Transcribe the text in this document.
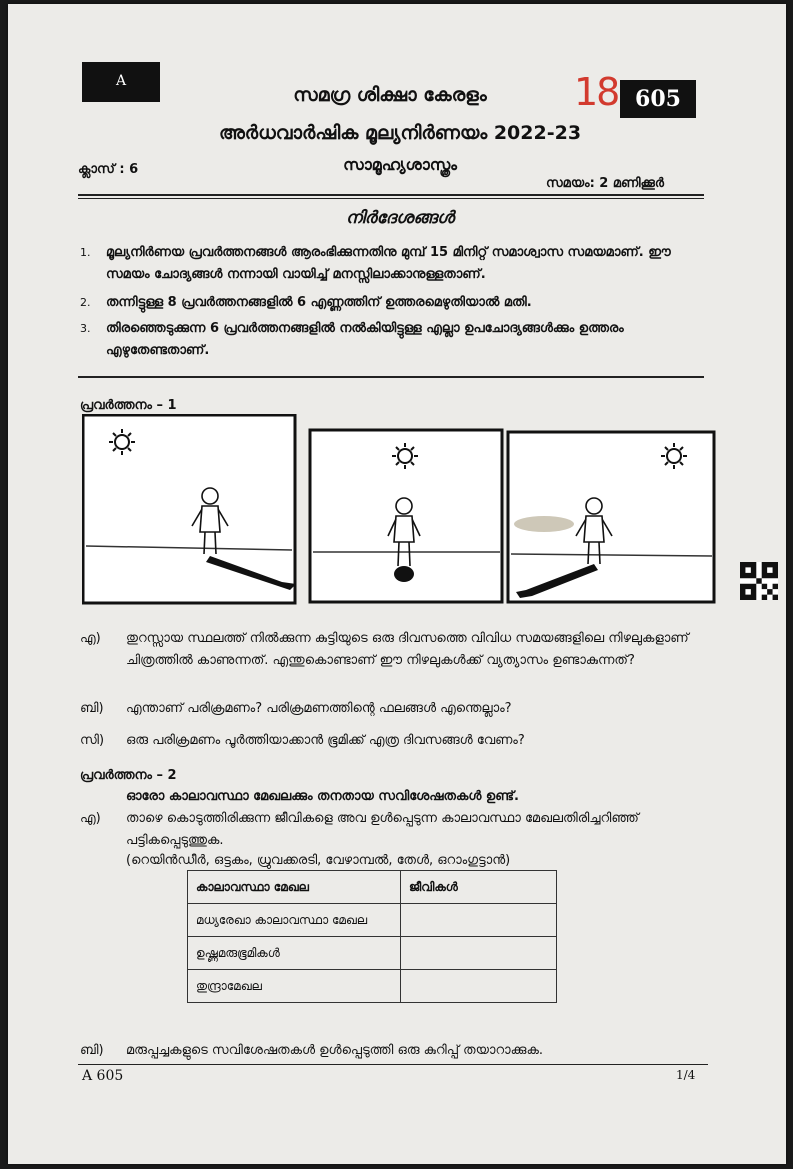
A	18 605
സമഗ്ര ശിക്ഷാ കേരളം
അർധവാർഷിക മൂല്യനിർണയം 2022-23
സാമൂഹ്യശാസ്ത്രം
ക്ലാസ് : 6
സമയം: 2 മണിക്കൂർ
നിർദേശങ്ങൾ
1. മൂല്യനിർണയ പ്രവർത്തനങ്ങൾ ആരംഭിക്കുന്നതിനു മുമ്പ് 15 മിനിറ്റ് സമാശ്വാസ സമയമാണ്. ഈ സമയം ചോദ്യങ്ങൾ നന്നായി വായിച്ച് മനസ്സിലാക്കാനുള്ളതാണ്.
2. തന്നിട്ടുള്ള 8 പ്രവർത്തനങ്ങളിൽ 6 എണ്ണത്തിന് ഉത്തരമെഴുതിയാൽ മതി.
3. തിരഞ്ഞെടുക്കുന്ന 6 പ്രവർത്തനങ്ങളിൽ നൽകിയിട്ടുള്ള എല്ലാ ഉപചോദ്യങ്ങൾക്കും ഉത്തരം എഴുതേണ്ടതാണ്.
പ്രവർത്തനം – 1
എ)	തുറസ്സായ സ്ഥലത്ത് നിൽക്കുന്ന കുട്ടിയുടെ ഒരു ദിവസത്തെ വിവിധ സമയങ്ങളിലെ നിഴലുകളാണ് ചിത്രത്തിൽ കാണുന്നത്. എന്തുകൊണ്ടാണ് ഈ നിഴലുകൾക്ക് വ്യത്യാസം ഉണ്ടാകുന്നത്?
ബി)	എന്താണ് പരിക്രമണം? പരിക്രമണത്തിന്റെ ഫലങ്ങൾ എന്തെല്ലാം?
സി)	ഒരു പരിക്രമണം പൂർത്തിയാക്കാൻ ഭൂമിക്ക് എത്ര ദിവസങ്ങൾ വേണം?
പ്രവർത്തനം – 2
ഓരോ കാലാവസ്ഥാ മേഖലക്കും തനതായ സവിശേഷതകൾ ഉണ്ട്.
എ)	താഴെ കൊടുത്തിരിക്കുന്ന ജീവികളെ അവ ഉൾപ്പെടുന്ന കാലാവസ്ഥാ മേഖലതിരിച്ചറിഞ്ഞ് പട്ടികപ്പെടുത്തുക.
(റെയിൻഡീർ, ഒട്ടകം, ധ്രുവക്കരടി, വേഴാമ്പൽ, തേൾ, ഒറാംഗുട്ടാൻ)
കാലാവസ്ഥാ മേഖല	ജീവികൾ
മധ്യരേഖാ കാലാവസ്ഥാ മേഖല	
ഉഷ്ണമരുഭൂമികൾ	
തുന്ദ്രാമേഖല	
ബി)	മരുപ്പച്ചകളുടെ സവിശേഷതകൾ ഉൾപ്പെടുത്തി ഒരു കുറിപ്പ് തയാറാക്കുക.
A 605	1/4
